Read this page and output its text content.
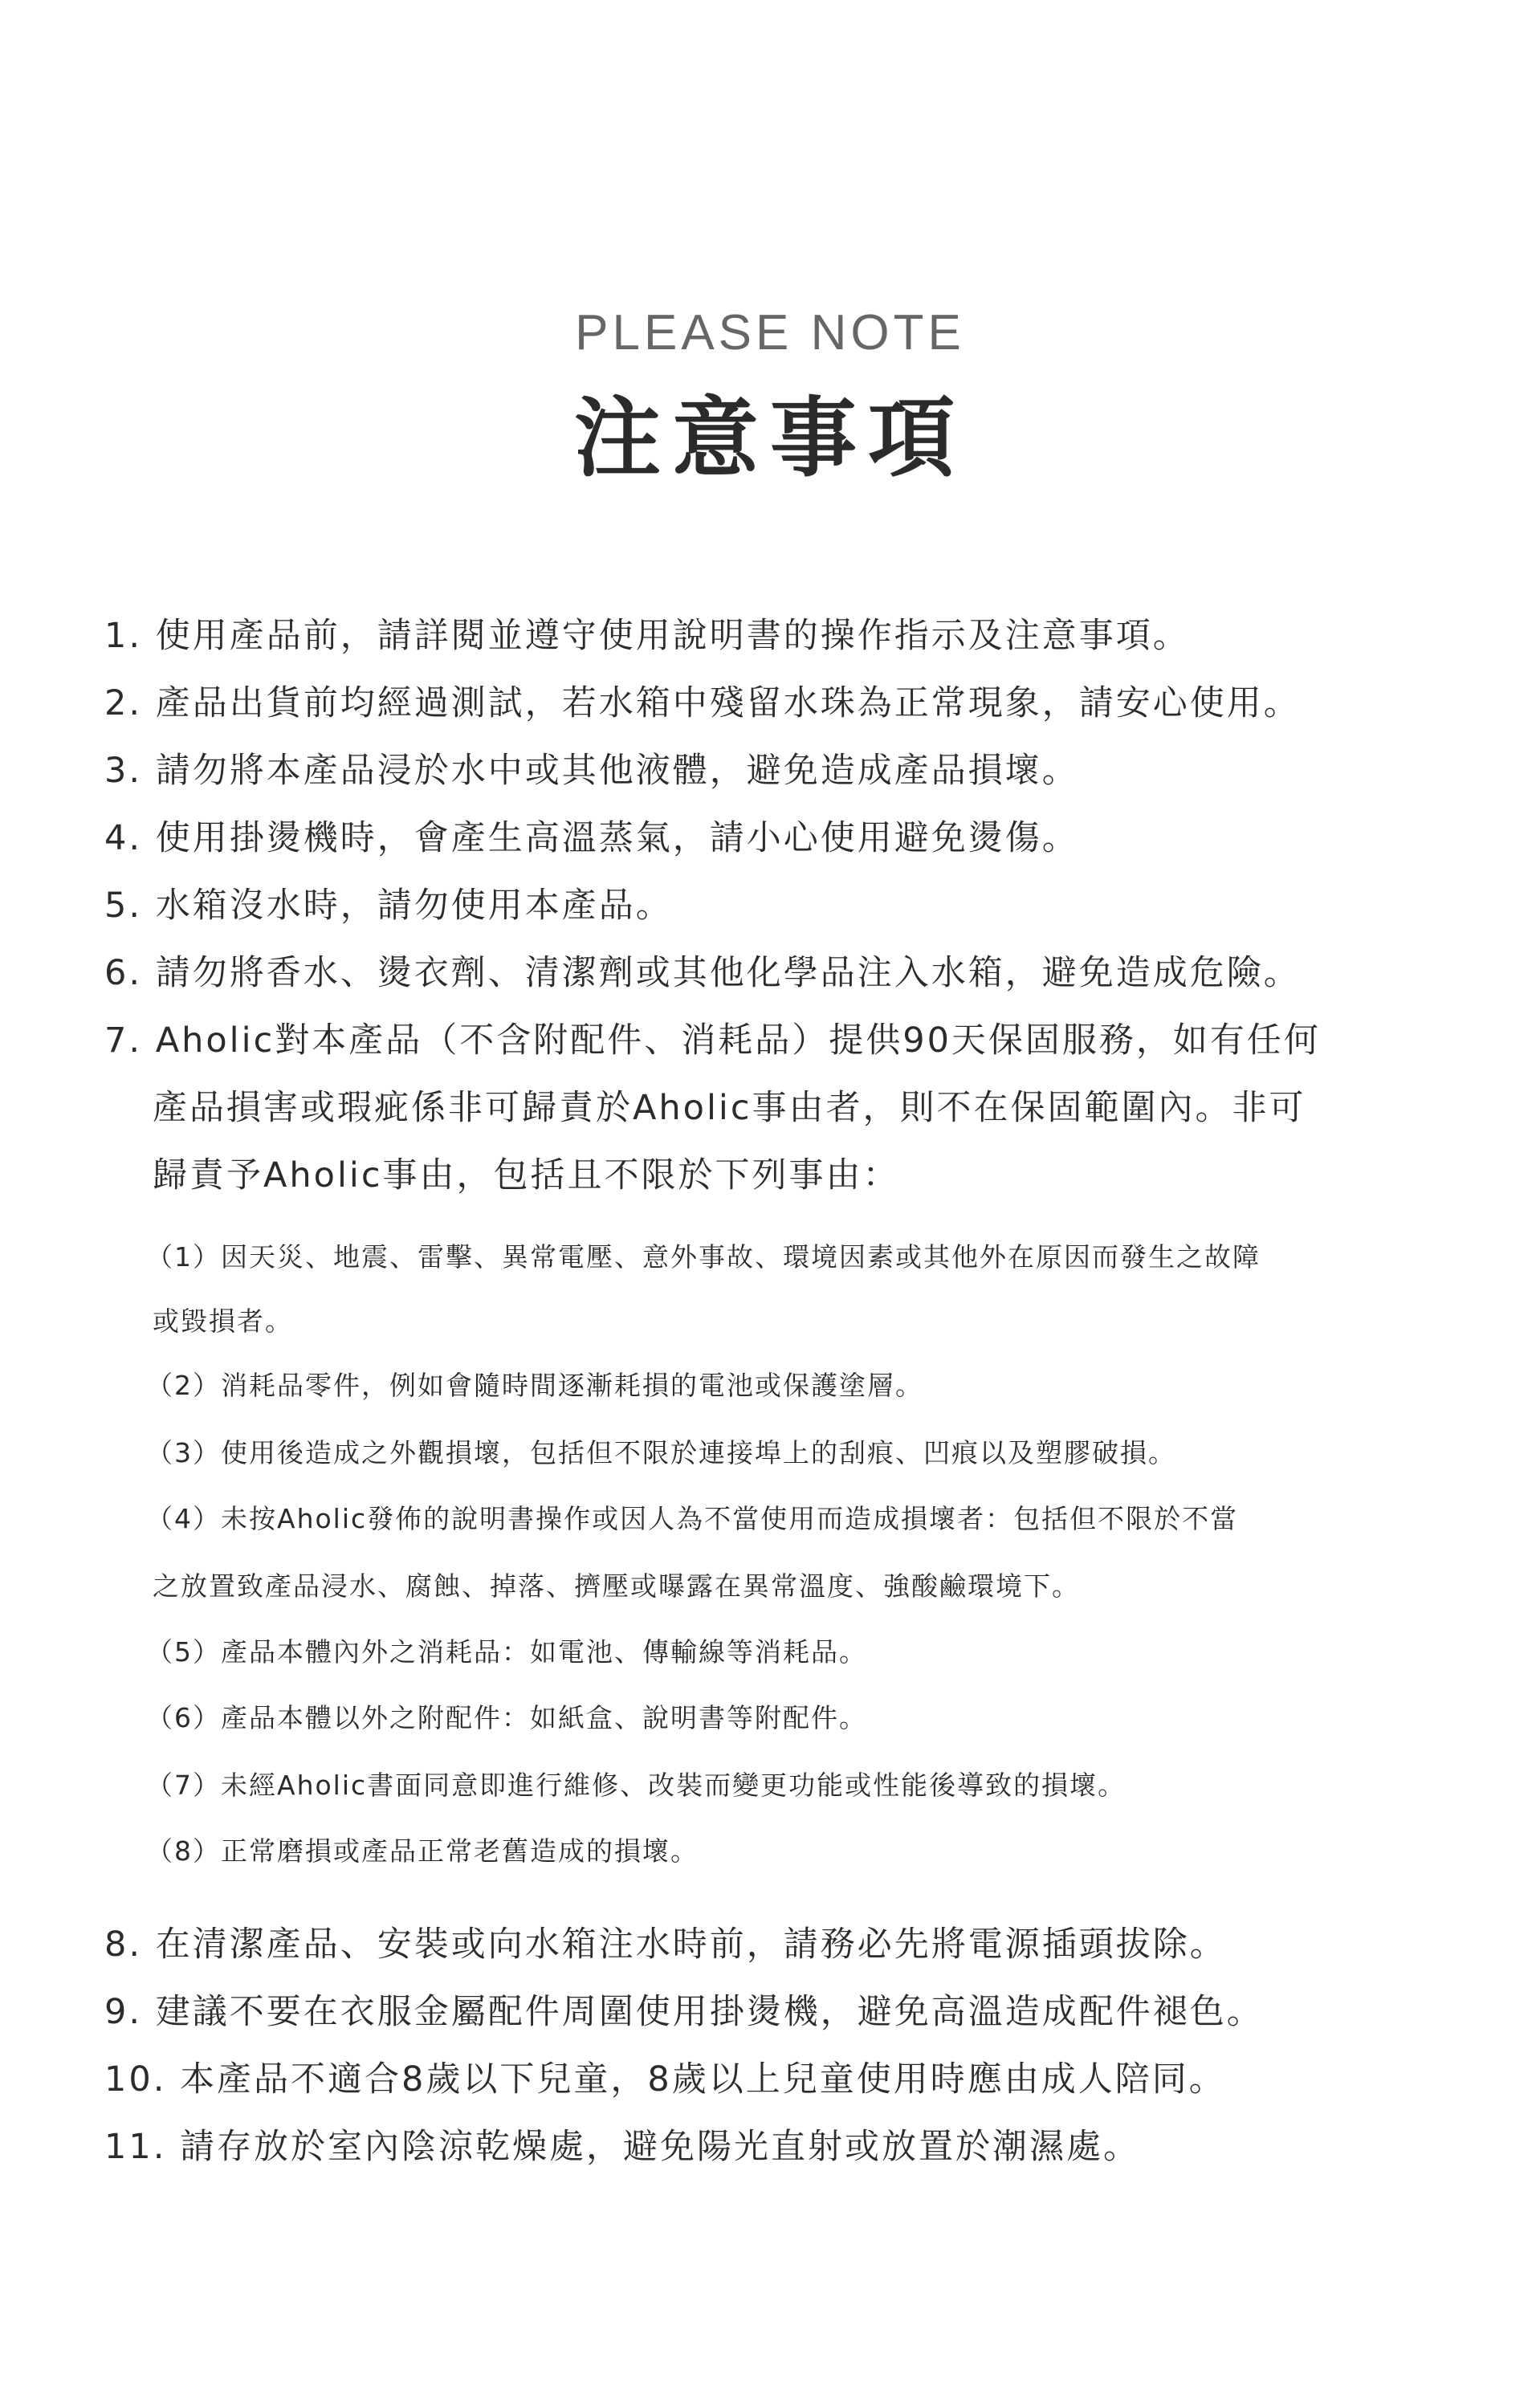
PLEASE NOTE
注意事項
1. 使用產品前，請詳閱並遵守使用說明書的操作指示及注意事項。
2. 產品出貨前均經過測試，若水箱中殘留水珠為正常現象，請安心使用。
3. 請勿將本產品浸於水中或其他液體，避免造成產品損壞。
4. 使用掛燙機時，會產生高溫蒸氣，請小心使用避免燙傷。
5. 水箱沒水時，請勿使用本產品。
6. 請勿將香水、燙衣劑、清潔劑或其他化學品注入水箱，避免造成危險。
7. Aholic對本產品（不含附配件、消耗品）提供90天保固服務，如有任何
產品損害或瑕疵係非可歸責於Aholic事由者，則不在保固範圍內。非可
歸責予Aholic事由，包括且不限於下列事由：
（1）因天災、地震、雷擊、異常電壓、意外事故、環境因素或其他外在原因而發生之故障
或毀損者。
（2）消耗品零件，例如會隨時間逐漸耗損的電池或保護塗層。
（3）使用後造成之外觀損壞，包括但不限於連接埠上的刮痕、凹痕以及塑膠破損。
（4）未按Aholic發佈的說明書操作或因人為不當使用而造成損壞者：包括但不限於不當
之放置致產品浸水、腐蝕、掉落、擠壓或曝露在異常溫度、強酸鹼環境下。
（5）產品本體內外之消耗品：如電池、傳輸線等消耗品。
（6）產品本體以外之附配件：如紙盒、說明書等附配件。
（7）未經Aholic書面同意即進行維修、改裝而變更功能或性能後導致的損壞。
（8）正常磨損或產品正常老舊造成的損壞。
8. 在清潔產品、安裝或向水箱注水時前，請務必先將電源插頭拔除。
9. 建議不要在衣服金屬配件周圍使用掛燙機，避免高溫造成配件褪色。
10. 本產品不適合8歲以下兒童，8歲以上兒童使用時應由成人陪同。
11. 請存放於室內陰涼乾燥處，避免陽光直射或放置於潮濕處。
